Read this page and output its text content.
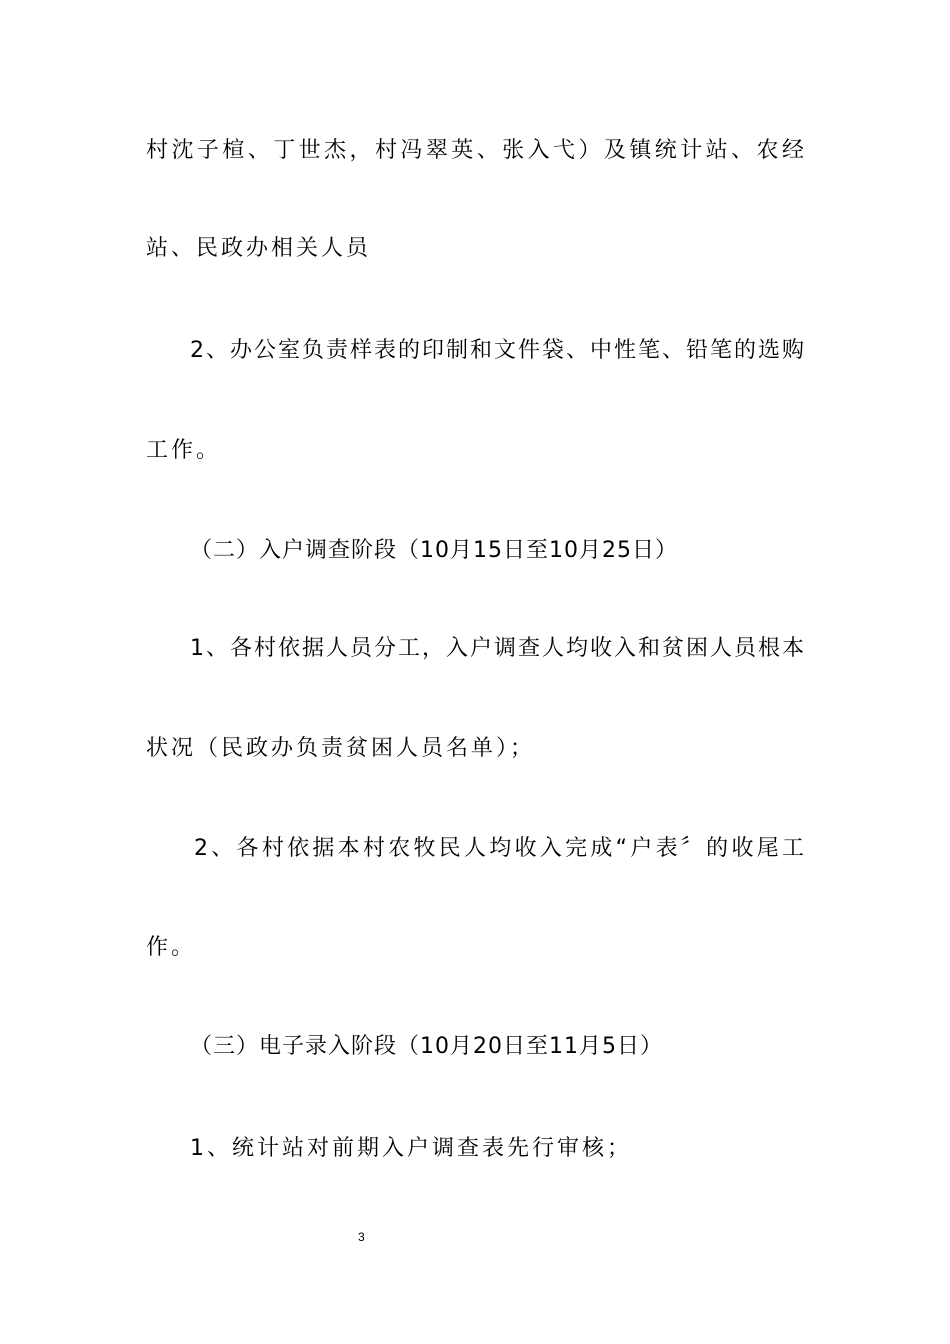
村沈子楦、丁世杰，村冯翠英、张入弋）及镇统计站、农经

站、民政办相关人员

2、办公室负责样表的印制和文件袋、中性笔、铅笔的选购

工作。

（二）入户调查阶段（10月15日至10月25日）

1、各村依据人员分工，入户调查人均收入和贫困人员根本

状况（民政办负责贫困人员名单）；

2、各村依据本村农牧民人均收入完成“户表〞的收尾工

作。

（三）电子录入阶段（10月20日至11月5日）

1、统计站对前期入户调查表先行审核；

3
